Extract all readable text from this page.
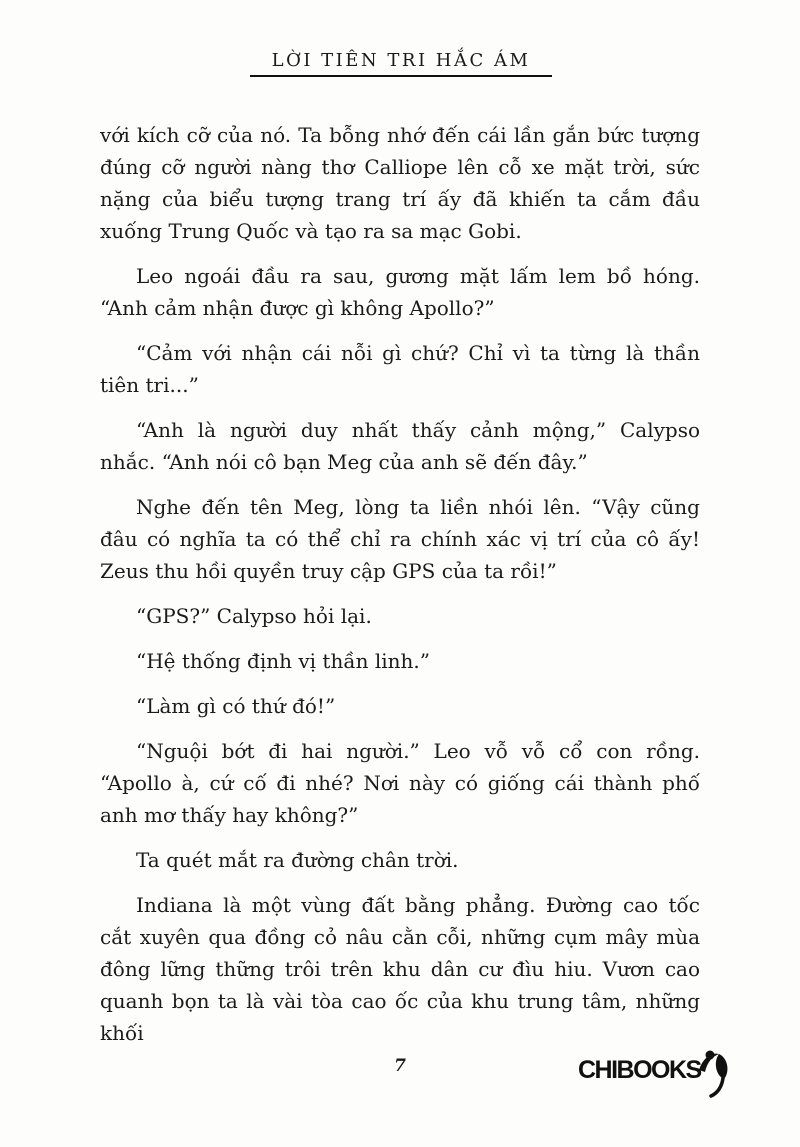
LỜI TIÊN TRI HẮC ÁM

với kích cỡ của nó. Ta bỗng nhớ đến cái lần gắn bức tượng đúng cỡ người nàng thơ Calliope lên cỗ xe mặt trời, sức nặng của biểu tượng trang trí ấy đã khiến ta cắm đầu xuống Trung Quốc và tạo ra sa mạc Gobi.

Leo ngoái đầu ra sau, gương mặt lấm lem bồ hóng. “Anh cảm nhận được gì không Apollo?”

“Cảm với nhận cái nỗi gì chứ? Chỉ vì ta từng là thần tiên tri...”

“Anh là người duy nhất thấy cảnh mộng,” Calypso nhắc. “Anh nói cô bạn Meg của anh sẽ đến đây.”

Nghe đến tên Meg, lòng ta liền nhói lên. “Vậy cũng đâu có nghĩa ta có thể chỉ ra chính xác vị trí của cô ấy! Zeus thu hồi quyền truy cập GPS của ta rồi!”

“GPS?” Calypso hỏi lại.

“Hệ thống định vị thần linh.”

“Làm gì có thứ đó!”

“Nguội bớt đi hai người.” Leo vỗ vỗ cổ con rồng. “Apollo à, cứ cố đi nhé? Nơi này có giống cái thành phố anh mơ thấy hay không?”

Ta quét mắt ra đường chân trời.

Indiana là một vùng đất bằng phẳng. Đường cao tốc cắt xuyên qua đồng cỏ nâu cằn cỗi, những cụm mây mùa đông lững thững trôi trên khu dân cư đìu hiu. Vươn cao quanh bọn ta là vài tòa cao ốc của khu trung tâm, những khối

7	CHIBOOKS
